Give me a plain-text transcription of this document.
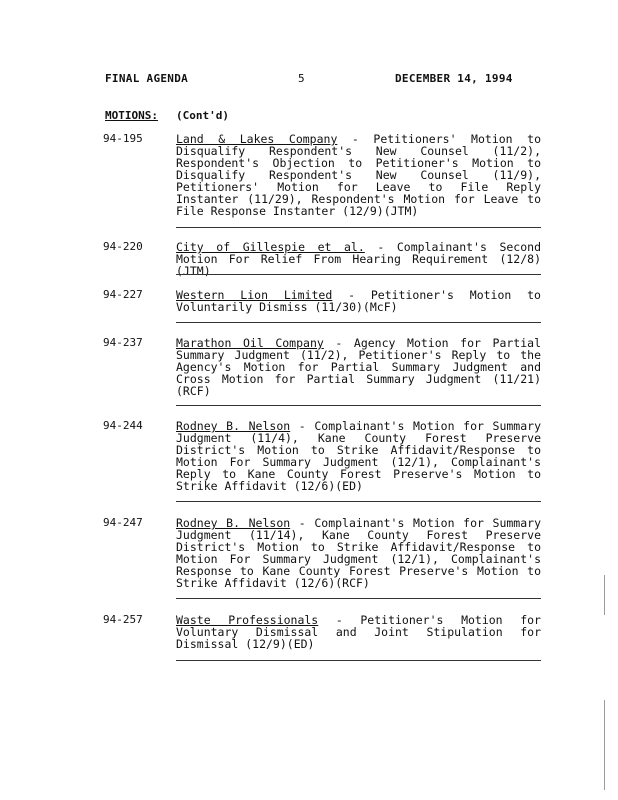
FINAL AGENDA	5	DECEMBER 14, 1994
MOTIONS: (Cont'd)
94-195	Land & Lakes Company - Petitioners' Motion to Disqualify Respondent's New Counsel (11/2), Respondent's Objection to Petitioner's Motion to Disqualify Respondent's New Counsel (11/9), Petitioners' Motion for Leave to File Reply Instanter (11/29), Respondent's Motion for Leave to File Response Instanter (12/9)(JTM)

94-220	City of Gillespie et al. - Complainant's Second Motion For Relief From Hearing Requirement (12/8) (JTM)

94-227	Western Lion Limited - Petitioner's Motion to Voluntarily Dismiss (11/30)(McF)

94-237	Marathon Oil Company - Agency Motion for Partial Summary Judgment (11/2), Petitioner's Reply to the Agency's Motion for Partial Summary Judgment and Cross Motion for Partial Summary Judgment (11/21)(RCF)

94-244	Rodney B. Nelson - Complainant's Motion for Summary Judgment (11/4), Kane County Forest Preserve District's Motion to Strike Affidavit/Response to Motion For Summary Judgment (12/1), Complainant's Reply to Kane County Forest Preserve's Motion to Strike Affidavit (12/6)(ED)

94-247	Rodney B. Nelson - Complainant's Motion for Summary Judgment (11/14), Kane County Forest Preserve District's Motion to Strike Affidavit/Response to Motion For Summary Judgment (12/1), Complainant's Response to Kane County Forest Preserve's Motion to Strike Affidavit (12/6)(RCF)

94-257	Waste Professionals - Petitioner's Motion for Voluntary Dismissal and Joint Stipulation for Dismissal (12/9)(ED)
